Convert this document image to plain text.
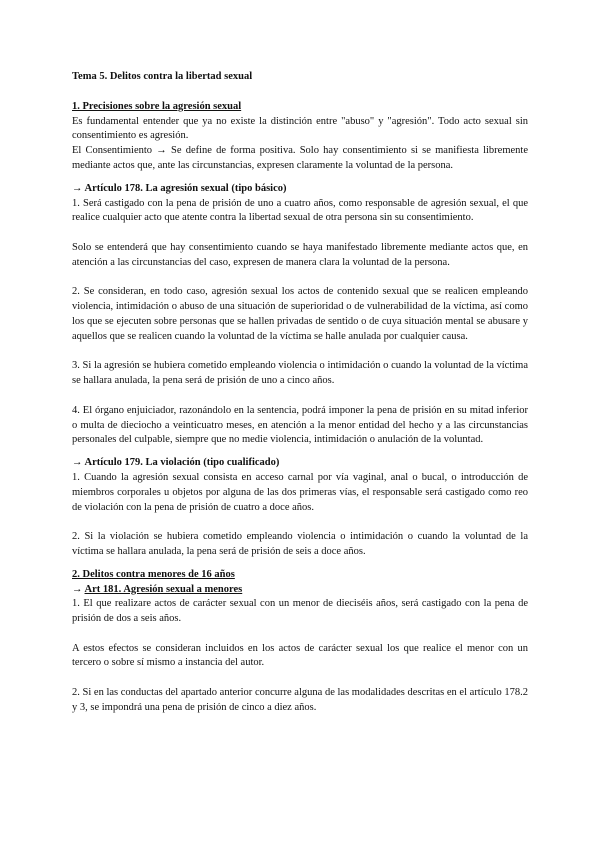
Tema 5. Delitos contra la libertad sexual
1. Precisiones sobre la agresión sexual

Es fundamental entender que ya no existe la distinción entre "abuso" y "agresión". Todo acto sexual sin consentimiento es agresión.

El Consentimiento → Se define de forma positiva. Solo hay consentimiento si se manifiesta libremente mediante actos que, ante las circunstancias, expresen claramente la voluntad de la persona.

→ Artículo 178. La agresión sexual (tipo básico)

1. Será castigado con la pena de prisión de uno a cuatro años, como responsable de agresión sexual, el que realice cualquier acto que atente contra la libertad sexual de otra persona sin su consentimiento.

Solo se entenderá que hay consentimiento cuando se haya manifestado libremente mediante actos que, en atención a las circunstancias del caso, expresen de manera clara la voluntad de la persona.

2. Se consideran, en todo caso, agresión sexual los actos de contenido sexual que se realicen empleando violencia, intimidación o abuso de una situación de superioridad o de vulnerabilidad de la víctima, así como los que se ejecuten sobre personas que se hallen privadas de sentido o de cuya situación mental se abusare y aquellos que se realicen cuando la voluntad de la víctima se halle anulada por cualquier causa.

3. Si la agresión se hubiera cometido empleando violencia o intimidación o cuando la voluntad de la víctima se hallara anulada, la pena será de prisión de uno a cinco años.

4. El órgano enjuiciador, razonándolo en la sentencia, podrá imponer la pena de prisión en su mitad inferior o multa de dieciocho a veinticuatro meses, en atención a la menor entidad del hecho y a las circunstancias personales del culpable, siempre que no medie violencia, intimidación o anulación de la voluntad.

→ Artículo 179. La violación (tipo cualificado)

1. Cuando la agresión sexual consista en acceso carnal por vía vaginal, anal o bucal, o introducción de miembros corporales u objetos por alguna de las dos primeras vías, el responsable será castigado como reo de violación con la pena de prisión de cuatro a doce años.

2. Si la violación se hubiera cometido empleando violencia o intimidación o cuando la voluntad de la víctima se hallara anulada, la pena será de prisión de seis a doce años.

2. Delitos contra menores de 16 años
→ Art 181. Agresión sexual a menores

1. El que realizare actos de carácter sexual con un menor de dieciséis años, será castigado con la pena de prisión de dos a seis años.

A estos efectos se consideran incluidos en los actos de carácter sexual los que realice el menor con un tercero o sobre sí mismo a instancia del autor.

2. Si en las conductas del apartado anterior concurre alguna de las modalidades descritas en el artículo 178.2 y 3, se impondrá una pena de prisión de cinco a diez años.
